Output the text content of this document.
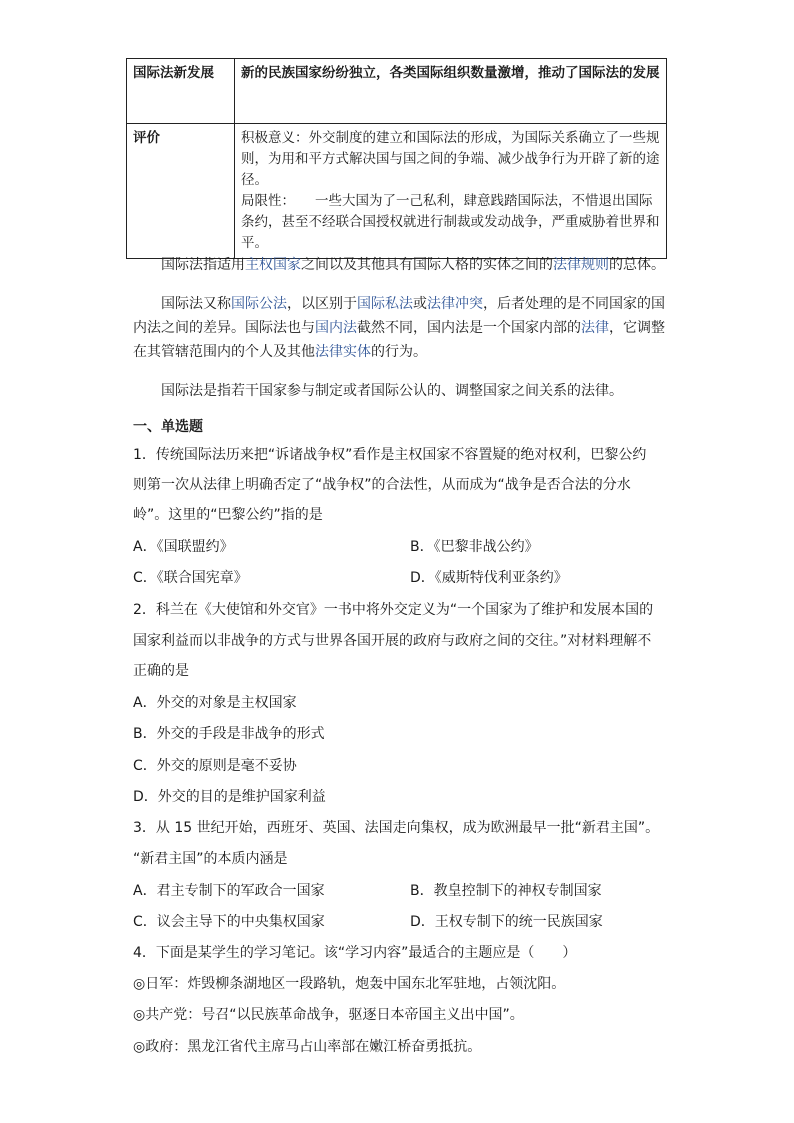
国际法新发展	新的民族国家纷纷独立，各类国际组织数量激增，推动了国际法的发展
评价	积极意义：外交制度的建立和国际法的形成，为国际关系确立了一些规则，为用和平方式解决国与国之间的争端、减少战争行为开辟了新的途径。
局限性： 一些大国为了一己私利，肆意践踏国际法，不惜退出国际条约，甚至不经联合国授权就进行制裁或发动战争，严重威胁着世界和平。
国际法指适用主权国家之间以及其他具有国际人格的实体之间的法律规则的总体。
国际法又称国际公法，以区别于国际私法或法律冲突，后者处理的是不同国家的国内法之间的差异。国际法也与国内法截然不同，国内法是一个国家内部的法律，它调整在其管辖范围内的个人及其他法律实体的行为。
国际法是指若干国家参与制定或者国际公认的、调整国家之间关系的法律。
一、单选题
1．传统国际法历来把“诉诸战争权”看作是主权国家不容置疑的绝对权利，巴黎公约
则第一次从法律上明确否定了“战争权”的合法性，从而成为“战争是否合法的分水
岭”。这里的“巴黎公约”指的是
A．《国联盟约》	B．《巴黎非战公约》
C．《联合国宪章》	D．《威斯特伐利亚条约》
2．科兰在《大使馆和外交官》一书中将外交定义为“一个国家为了维护和发展本国的
国家利益而以非战争的方式与世界各国开展的政府与政府之间的交往。”对材料理解不
正确的是
A．外交的对象是主权国家
B．外交的手段是非战争的形式
C．外交的原则是毫不妥协
D．外交的目的是维护国家利益
3．从 15 世纪开始，西班牙、英国、法国走向集权，成为欧洲最早一批“新君主国”。
“新君主国”的本质内涵是
A．君主专制下的军政合一国家	B．教皇控制下的神权专制国家
C．议会主导下的中央集权国家	D．王权专制下的统一民族国家
4．下面是某学生的学习笔记。该“学习内容”最适合的主题应是（　　）
◎日军：炸毁柳条湖地区一段路轨，炮轰中国东北军驻地，占领沈阳。
◎共产党：号召“以民族革命战争，驱逐日本帝国主义出中国”。
◎政府：黑龙江省代主席马占山率部在嫩江桥奋勇抵抗。
